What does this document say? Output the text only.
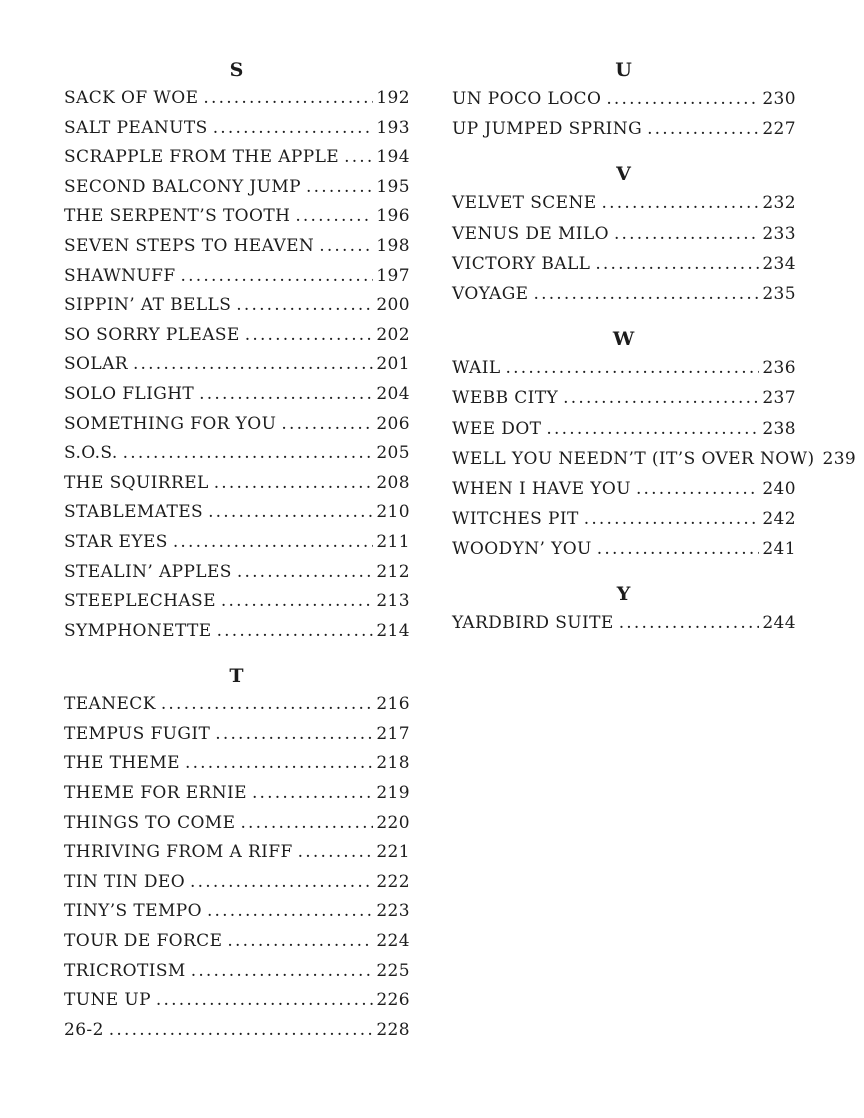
S
SACK OF WOE .....	192
SALT PEANUTS .....	193
SCRAPPLE FROM THE APPLE ..... 194
SECOND BALCONY JUMP .....	195
THE SERPENT’S TOOTH .....	196
SEVEN STEPS TO HEAVEN .....	198
SHAWNUFF .....	197
SIPPIN’ AT BELLS .....	200
SO SORRY PLEASE .....	202
SOLAR .....	201
SOLO FLIGHT .....	204
SOMETHING FOR YOU .....	206
S.O.S. .....	205
THE SQUIRREL .....	208
STABLEMATES .....	210
STAR EYES .....	211
STEALIN’ APPLES .....	212
STEEPLECHASE .....	213
SYMPHONETTE .....	214
T
TEANECK .....	216
TEMPUS FUGIT .....	217
THE THEME .....	218
THEME FOR ERNIE .....	219
THINGS TO COME .....	220
THRIVING FROM A RIFF .....	221
TIN TIN DEO .....	222
TINY’S TEMPO .....	223
TOUR DE FORCE .....	224
TRICROTISM .....	225
TUNE UP .....	226
26-2 .....	228
U
UN POCO LOCO .....	230
UP JUMPED SPRING .....	227
V
VELVET SCENE .....	232
VENUS DE MILO .....	233
VICTORY BALL .....	234
VOYAGE .....	235
W
WAIL .....	236
WEBB CITY .....	237
WEE DOT .....	238
WELL YOU NEEDN’T (IT’S OVER NOW) 239
WHEN I HAVE YOU .....	240
WITCHES PIT .....	242
WOODYN’ YOU .....	241
Y
YARDBIRD SUITE .....	244
